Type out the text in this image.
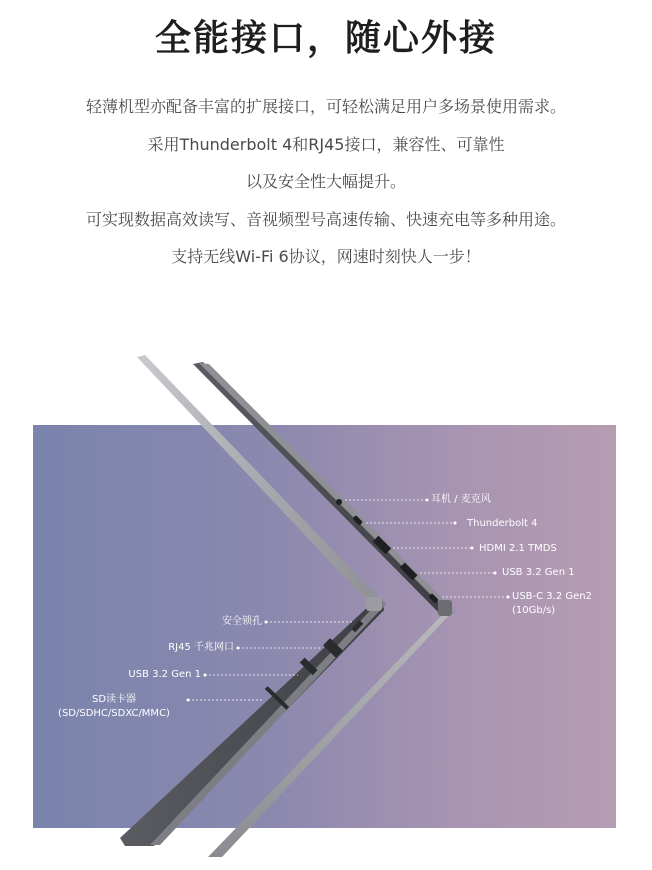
全能接口，随心外接
轻薄机型亦配备丰富的扩展接口，可轻松满足用户多场景使用需求。
采用Thunderbolt 4和RJ45接口，兼容性、可靠性
以及安全性大幅提升。
可实现数据高效读写、音视频型号高速传输、快速充电等多种用途。
支持无线Wi-Fi 6协议，网速时刻快人一步！
耳机 / 麦克风
Thunderbolt 4
HDMI 2.1 TMDS
USB 3.2 Gen 1
USB-C 3.2 Gen2
(10Gb/s)
安全锁孔
RJ45 千兆网口
USB 3.2 Gen 1
SD读卡器
(SD/SDHC/SDXC/MMC)
